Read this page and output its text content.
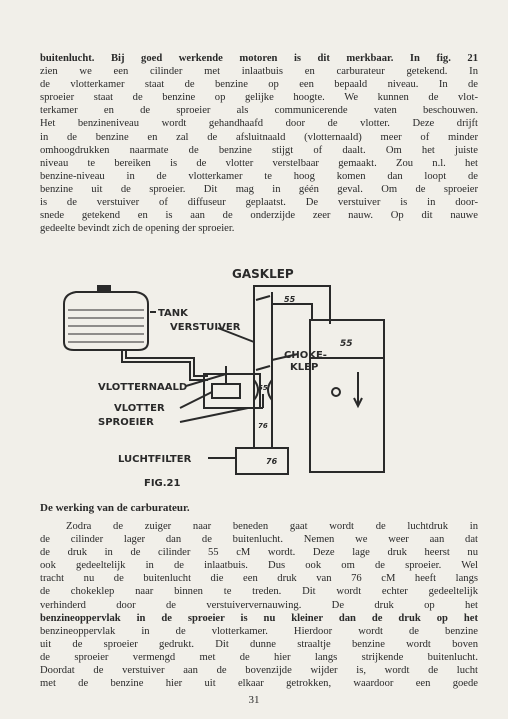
buitenlucht. Bij goed werkende motoren is dit merkbaar. In fig. 21
zien we een cilinder met inlaatbuis en carburateur getekend. In
de vlotterkamer staat de benzine op een bepaald niveau. In de
sproeier staat de benzine op gelijke hoogte. We kunnen de vlot-
terkamer en de sproeier als communicerende vaten beschouwen.
Het benzineniveau wordt gehandhaafd door de vlotter. Deze drijft
in de benzine en zal de afsluitnaald (vlotternaald) meer of minder
omhoogdrukken naarmate de benzine stijgt of daalt. Om het juiste
niveau te bereiken is de vlotter verstelbaar gemaakt. Zou n.l. het
benzine-niveau in de vlotterkamer te hoog komen dan loopt de
benzine uit de sproeier. Dit mag in géén geval. Om de sproeier
is de verstuiver of diffuseur geplaatst. De verstuiver is in door-
snede getekend en is aan de onderzijde zeer nauw. Op dit nauwe
gedeelte bevindt zich de opening der sproeier.

GASKLEP
TANK
VERSTUIVER
CHOKE-
KLEP
VLOTTERNAALD
VLOTTER
SPROEIER
LUCHTFILTER
FIG.21
55
55
55
76
76
De werking van de carburateur.

Zodra de zuiger naar beneden gaat wordt de luchtdruk in
de cilinder lager dan de buitenlucht. Nemen we weer aan dat
de druk in de cilinder 55 cM wordt. Deze lage druk heerst nu
ook gedeeltelijk in de inlaatbuis. Dus ook om de sproeier. Wel
tracht nu de buitenlucht die een druk van 76 cM heeft langs
de chokeklep naar binnen te treden. Dit wordt echter gedeeltelijk
verhinderd door de verstuiververnauwing. De druk op het
benzineoppervlak in de sproeier is nu kleiner dan de druk op het
benzineoppervlak in de vlotterkamer. Hierdoor wordt de benzine
uit de sproeier gedrukt. Dit dunne straaltje benzine wordt boven
de sproeier vermengd met de hier langs strijkende buitenlucht.
Doordat de verstuiver aan de bovenzijde wijder is, wordt de lucht
met de benzine hier uit elkaar getrokken, waardoor een goede

31
